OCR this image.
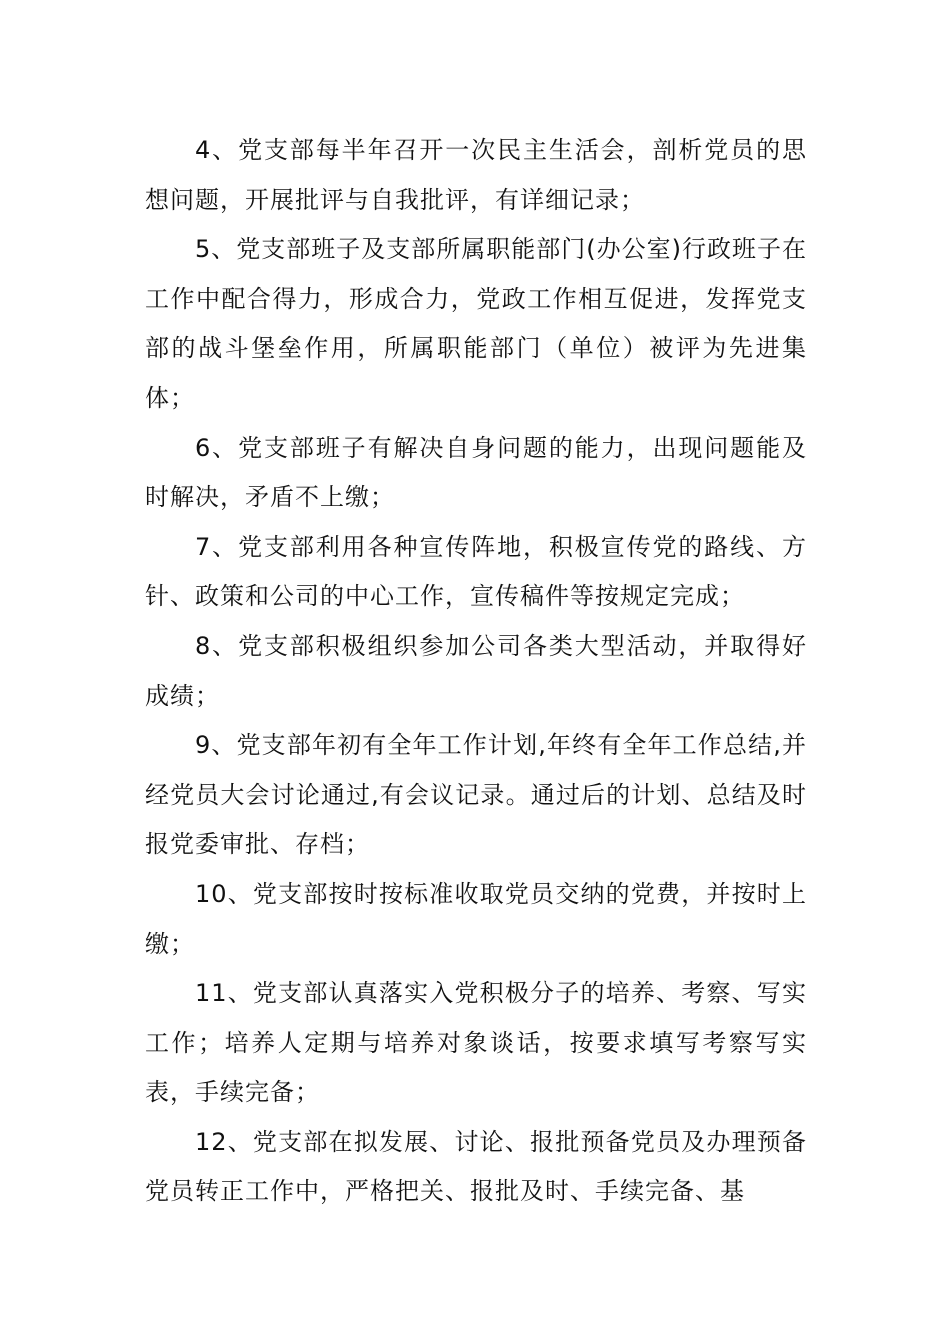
4、党支部每半年召开一次民主生活会，剖析党员的思想问题，开展批评与自我批评，有详细记录；

5、党支部班子及支部所属职能部门(办公室)行政班子在工作中配合得力，形成合力，党政工作相互促进，发挥党支部的战斗堡垒作用，所属职能部门（单位）被评为先进集体；

6、党支部班子有解决自身问题的能力，出现问题能及时解决，矛盾不上缴；

7、党支部利用各种宣传阵地，积极宣传党的路线、方针、政策和公司的中心工作，宣传稿件等按规定完成；

8、党支部积极组织参加公司各类大型活动，并取得好成绩；

9、党支部年初有全年工作计划,年终有全年工作总结,并经党员大会讨论通过,有会议记录。通过后的计划、总结及时报党委审批、存档；

10、党支部按时按标准收取党员交纳的党费，并按时上缴；

11、党支部认真落实入党积极分子的培养、考察、写实工作；培养人定期与培养对象谈话，按要求填写考察写实表，手续完备；

12、党支部在拟发展、讨论、报批预备党员及办理预备党员转正工作中，严格把关、报批及时、手续完备、基
